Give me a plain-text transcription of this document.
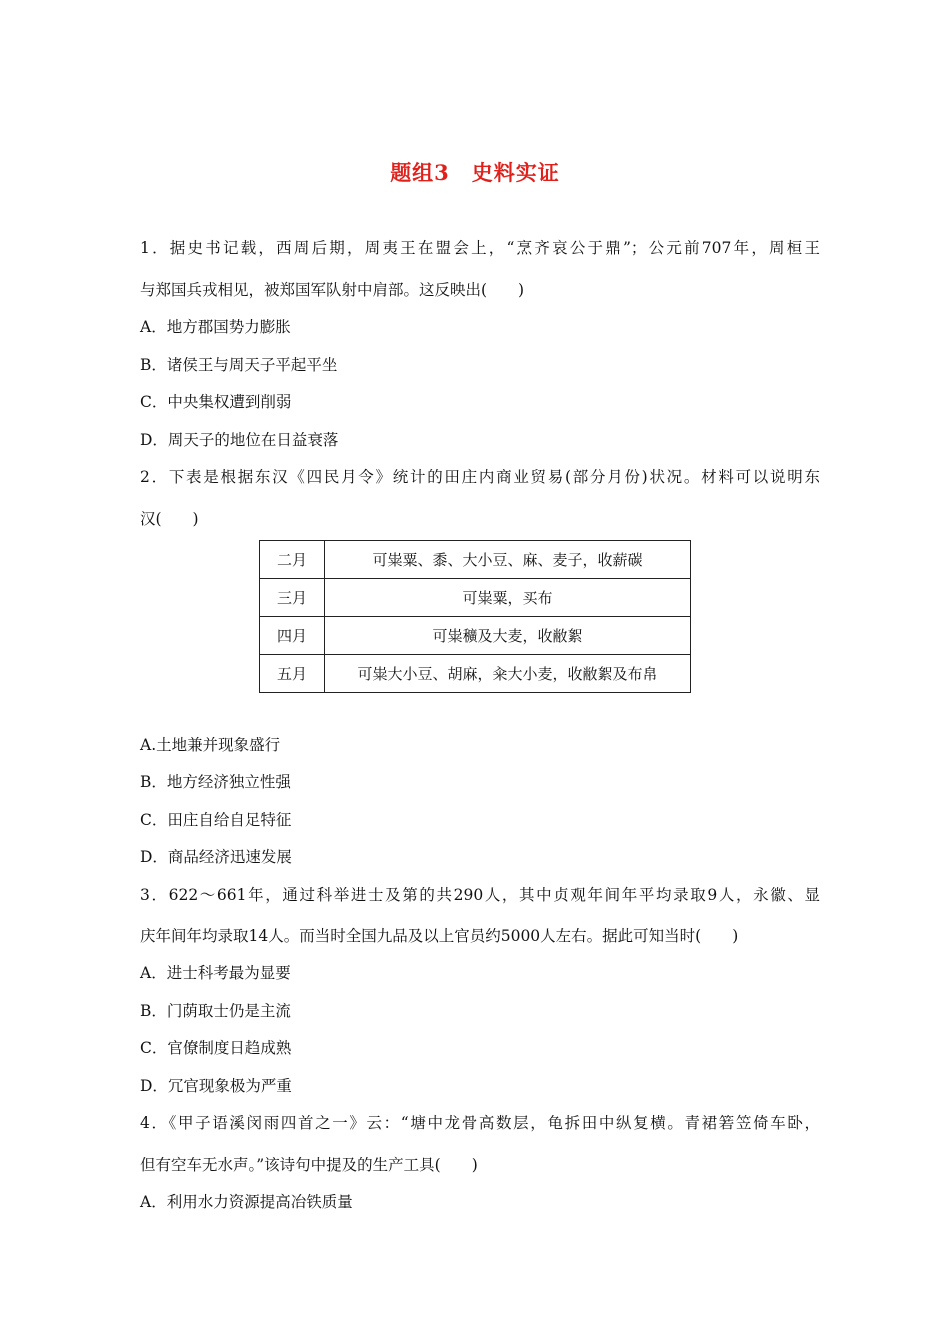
题组3　史料实证
1．据史书记载，西周后期，周夷王在盟会上，“烹齐哀公于鼎”；公元前707年，周桓王
与郑国兵戎相见，被郑国军队射中肩部。这反映出(　　)
A．地方郡国势力膨胀
B．诸侯王与周天子平起平坐
C．中央集权遭到削弱
D．周天子的地位在日益衰落
2．下表是根据东汉《四民月令》统计的田庄内商业贸易(部分月份)状况。材料可以说明东
汉(　　)
二月	可粜粟、黍、大小豆、麻、麦子，收薪碳
三月	可粜粟，买布
四月	可粜穬及大麦，收敝絮
五月	可粜大小豆、胡麻，籴大小麦，收敝絮及布帛
A.土地兼并现象盛行
B．地方经济独立性强
C．田庄自给自足特征
D．商品经济迅速发展
3．622～661年，通过科举进士及第的共290人，其中贞观年间年平均录取9人，永徽、显
庆年间年均录取14人。而当时全国九品及以上官员约5000人左右。据此可知当时(　　)
A．进士科考最为显要
B．门荫取士仍是主流
C．官僚制度日趋成熟
D．冗官现象极为严重
4．《甲子语溪闵雨四首之一》云：“塘中龙骨高数层，龟拆田中纵复横。青裙箬笠倚车卧，
但有空车无水声。”该诗句中提及的生产工具(　　)
A．利用水力资源提高冶铁质量
